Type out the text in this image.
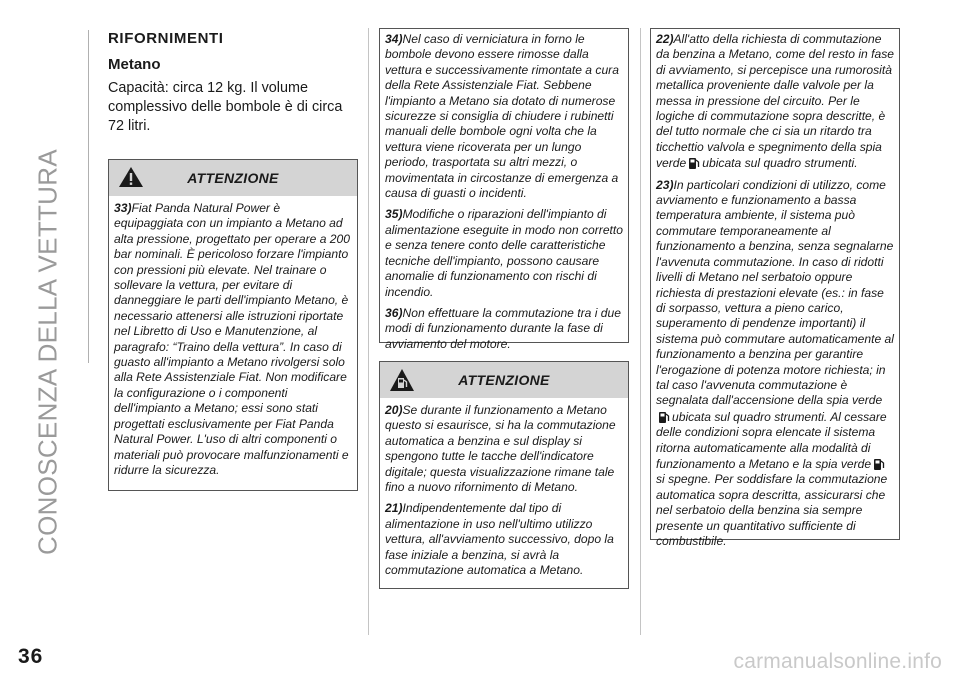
CONOSCENZA DELLA VETTURA
RIFORNIMENTI
Metano

Capacità: circa 12 kg. Il volume complessivo delle bombole è di circa 72 litri.

ATTENZIONE

33)Fiat Panda Natural Power è equipaggiata con un impianto a Metano ad alta pressione, progettato per operare a 200 bar nominali. È pericoloso forzare l'impianto con pressioni più elevate. Nel trainare o sollevare la vettura, per evitare di danneggiare le parti dell'impianto Metano, è necessario attenersi alle istruzioni riportate nel Libretto di Uso e Manutenzione, al paragrafo: “Traino della vettura”. In caso di guasto all'impianto a Metano rivolgersi solo alla Rete Assistenziale Fiat. Non modificare la configurazione o i componenti dell'impianto a Metano; essi sono stati progettati esclusivamente per Fiat Panda Natural Power. L'uso di altri componenti o materiali può provocare malfunzionamenti e ridurre la sicurezza.

34)Nel caso di verniciatura in forno le bombole devono essere rimosse dalla vettura e successivamente rimontate a cura della Rete Assistenziale Fiat. Sebbene l'impianto a Metano sia dotato di numerose sicurezze si consiglia di chiudere i rubinetti manuali delle bombole ogni volta che la vettura viene ricoverata per un lungo periodo, trasportata su altri mezzi, o movimentata in circostanze di emergenza a causa di guasti o incidenti.

35)Modifiche o riparazioni dell'impianto di alimentazione eseguite in modo non corretto e senza tenere conto delle caratteristiche tecniche dell'impianto, possono causare anomalie di funzionamento con rischi di incendio.

36)Non effettuare la commutazione tra i due modi di funzionamento durante la fase di avviamento del motore.

ATTENZIONE

20)Se durante il funzionamento a Metano questo si esaurisce, si ha la commutazione automatica a benzina e sul display si spengono tutte le tacche dell'indicatore digitale; questa visualizzazione rimane tale fino a nuovo rifornimento di Metano.

21)Indipendentemente dal tipo di alimentazione in uso nell'ultimo utilizzo vettura, all'avviamento successivo, dopo la fase iniziale a benzina, si avrà la commutazione automatica a Metano.

22)All'atto della richiesta di commutazione da benzina a Metano, come del resto in fase di avviamento, si percepisce una rumorosità metallica proveniente dalle valvole per la messa in pressione del circuito. Per le logiche di commutazione sopra descritte, è del tutto normale che ci sia un ritardo tra ticchettio valvola e spegnimento della spia verde ubicata sul quadro strumenti.

23)In particolari condizioni di utilizzo, come avviamento e funzionamento a bassa temperatura ambiente, il sistema può commutare temporaneamente al funzionamento a benzina, senza segnalarne l'avvenuta commutazione. In caso di ridotti livelli di Metano nel serbatoio oppure richiesta di prestazioni elevate (es.: in fase di sorpasso, vettura a pieno carico, superamento di pendenze importanti) il sistema può commutare automaticamente al funzionamento a benzina per garantire l'erogazione di potenza motore richiesta; in tal caso l'avvenuta commutazione è segnalata dall'accensione della spia verdeubicata sul quadro strumenti. Al cessare delle condizioni sopra elencate il sistema ritorna automaticamente alla modalità di funzionamento a Metano e la spia verdesi spegne. Per soddisfare la commutazione automatica sopra descritta, assicurarsi che nel serbatoio della benzina sia sempre presente un quantitativo sufficiente di combustibile.

36	carmanualsonline.info
